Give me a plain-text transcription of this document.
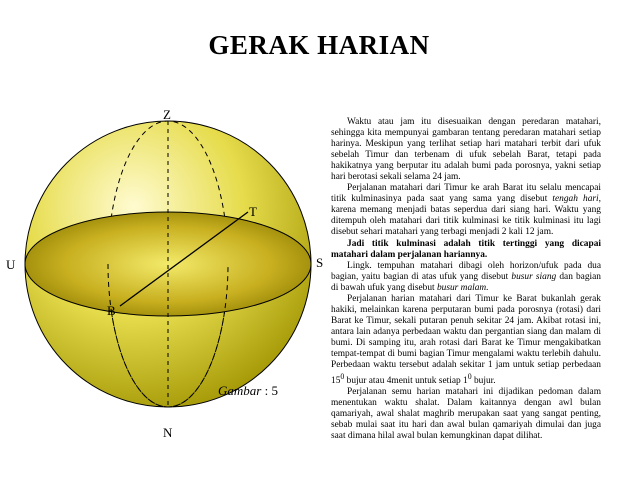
GERAK HARIAN
Z
N
U	S
T
B
Gambar : 5

Waktu atau jam itu disesuaikan dengan peredaran matahari, sehingga kita mempunyai gambaran tentang peredaran matahari setiap harinya. Meskipun yang terlihat setiap hari matahari terbit dari ufuk sebelah Timur dan terbenam di ufuk sebelah Barat, tetapi pada hakikatnya yang berputar itu adalah bumi pada porosnya, yakni setiap hari berotasi sekali selama 24 jam.

Perjalanan matahari dari Timur ke arah Barat itu selalu mencapai titik kulminasinya pada saat yang sama yang disebut tengah hari, karena memang menjadi batas seperdua dari siang hari. Waktu yang ditempuh oleh matahari dari titik kulminasi ke titik kulminasi itu lagi disebut sehari matahari yang terbagi menjadi 2 kali 12 jam.

Jadi titik kulminasi adalah titik tertinggi yang dicapai matahari dalam perjalanan hariannya.

Lingk. tempuhan matahari dibagi oleh horizon/ufuk pada dua bagian, yaitu bagian di atas ufuk yang disebut busur siang dan bagian di bawah ufuk yang disebut busur malam.

Perjalanan harian matahari dari Timur ke Barat bukanlah gerak hakiki, melainkan karena perputaran bumi pada porosnya (rotasi) dari Barat ke Timur, sekali putaran penuh sekitar 24 jam. Akibat rotasi ini, antara lain adanya perbedaan waktu dan pergantian siang dan malam di bumi. Di samping itu, arah rotasi dari Barat ke Timur mengakibatkan tempat-tempat di bumi bagian Timur mengalami waktu terlebih dahulu. Perbedaan waktu tersebut adalah sekitar 1 jam untuk setiap perbedaan $15^0$ bujur atau 4menit untuk setiap $1^0$ bujur.

Perjalanan semu harian matahari ini dijadikan pedoman dalam menentukan waktu shalat. Dalam kaitannya dengan awl bulan qamariyah, awal shalat maghrib merupakan saat yang sangat penting, sebab mulai saat itu hari dan awal bulan qamariyah dimulai dan juga saat dimana hilal awal bulan kemungkinan dapat dilihat.
